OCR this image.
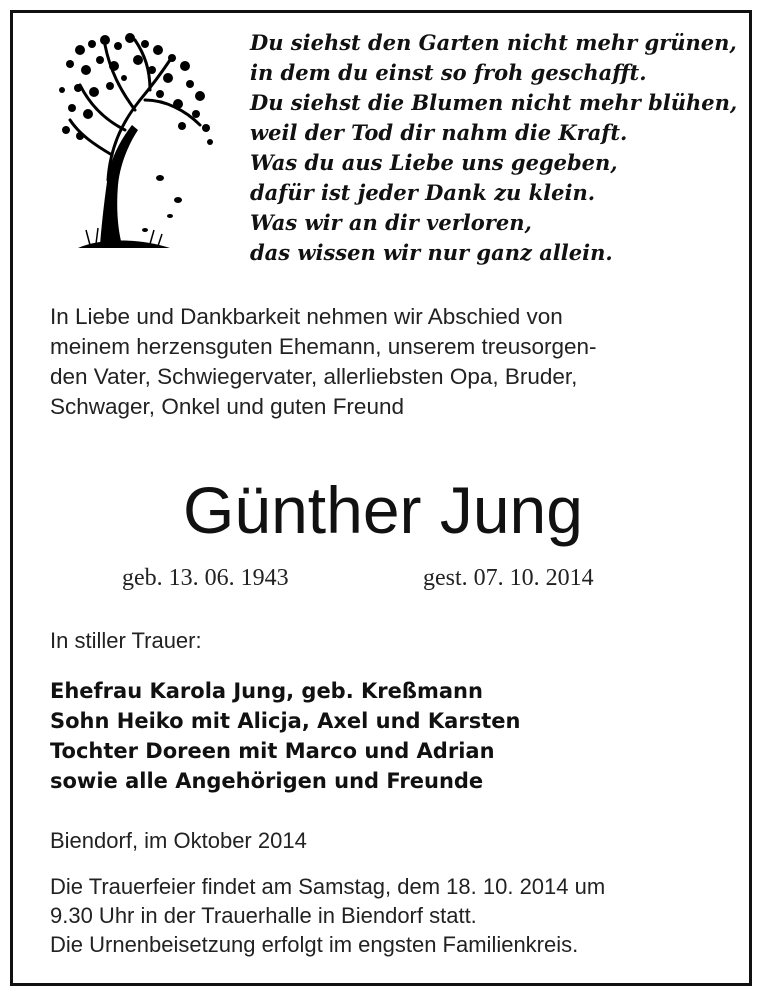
Du siehst den Garten nicht mehr grünen,
in dem du einst so froh geschafft.
Du siehst die Blumen nicht mehr blühen,
weil der Tod dir nahm die Kraft.
Was du aus Liebe uns gegeben,
dafür ist jeder Dank zu klein.
Was wir an dir verloren,
das wissen wir nur ganz allein.
In Liebe und Dankbarkeit nehmen wir Abschied von
meinem herzensguten Ehemann, unserem treusorgen-
den Vater, Schwiegervater, allerliebsten Opa, Bruder,
Schwager, Onkel und guten Freund
Günther Jung
geb. 13. 06. 1943	gest. 07. 10. 2014
In stiller Trauer:
Ehefrau Karola Jung, geb. Kreßmann
Sohn Heiko mit Alicja, Axel und Karsten
Tochter Doreen mit Marco und Adrian
sowie alle Angehörigen und Freunde
Biendorf, im Oktober 2014
Die Trauerfeier findet am Samstag, dem 18. 10. 2014 um
9.30 Uhr in der Trauerhalle in Biendorf statt.
Die Urnenbeisetzung erfolgt im engsten Familienkreis.
